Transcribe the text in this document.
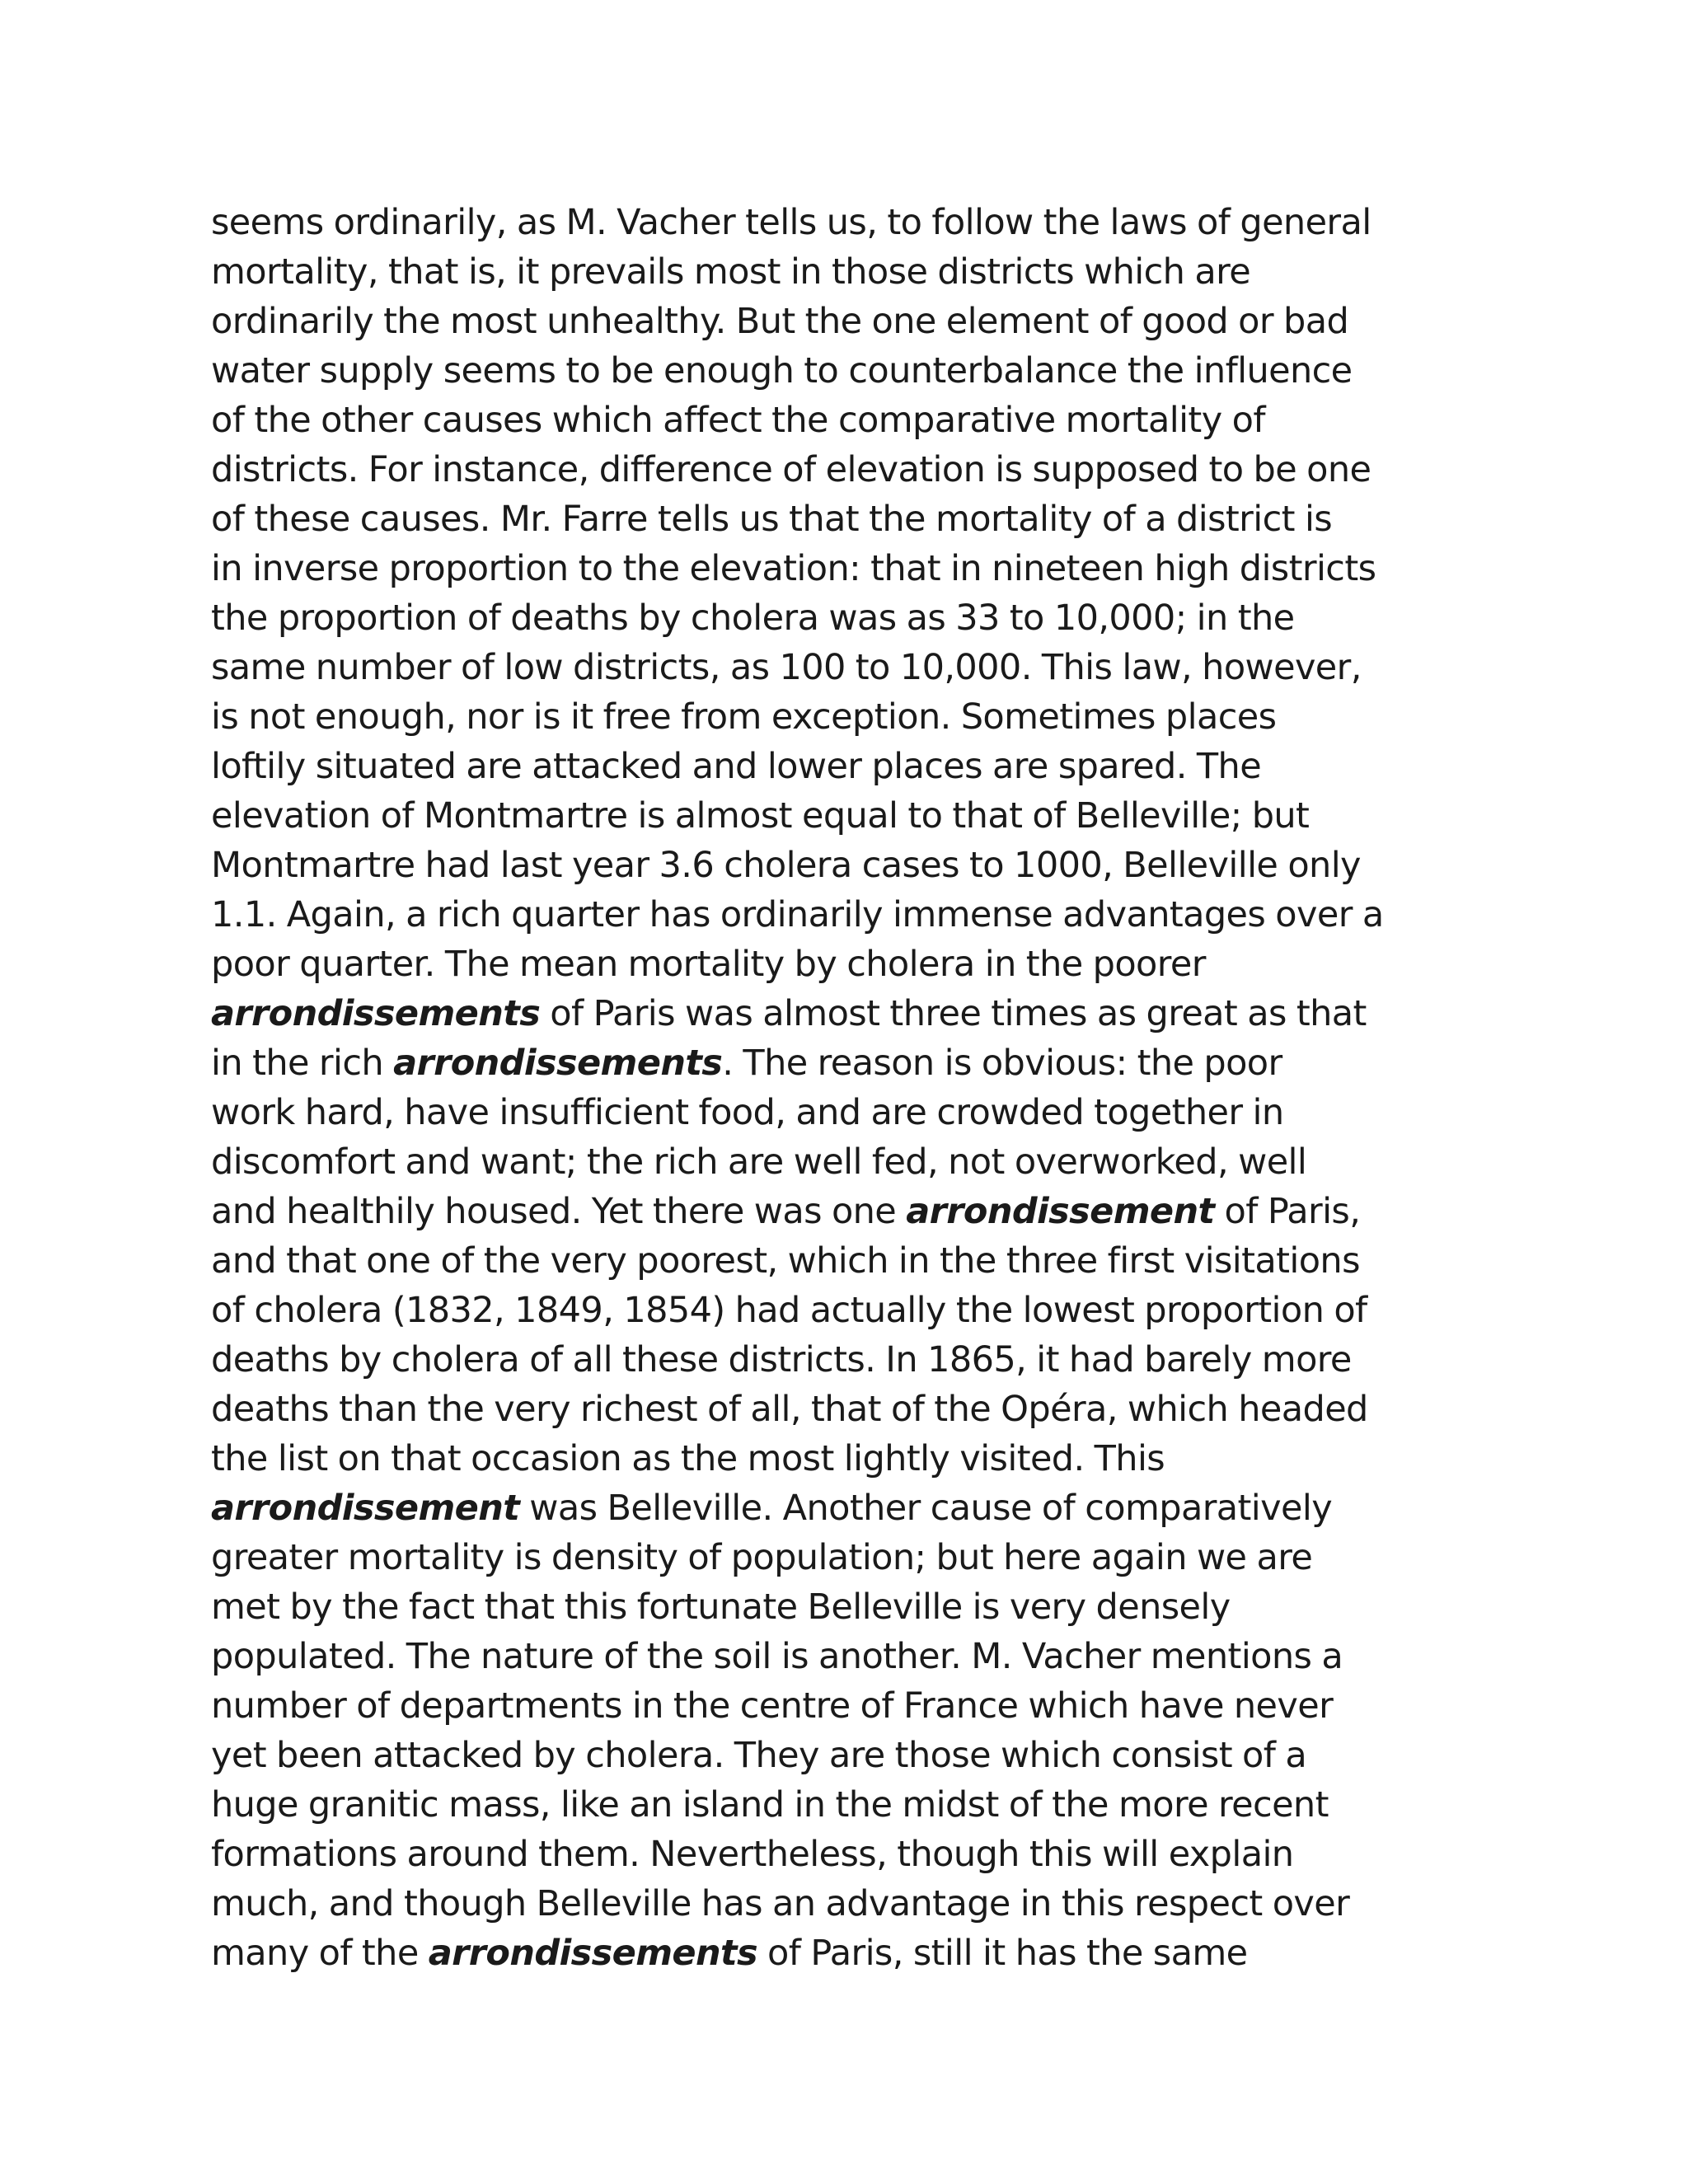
seems ordinarily, as M. Vacher tells us, to follow the laws of general
mortality, that is, it prevails most in those districts which are
ordinarily the most unhealthy. But the one element of good or bad
water supply seems to be enough to counterbalance the influence
of the other causes which affect the comparative mortality of
districts. For instance, difference of elevation is supposed to be one
of these causes. Mr. Farre tells us that the mortality of a district is
in inverse proportion to the elevation: that in nineteen high districts
the proportion of deaths by cholera was as 33 to 10,000; in the
same number of low districts, as 100 to 10,000. This law, however,
is not enough, nor is it free from exception. Sometimes places
loftily situated are attacked and lower places are spared. The
elevation of Montmartre is almost equal to that of Belleville; but
Montmartre had last year 3.6 cholera cases to 1000, Belleville only
1.1. Again, a rich quarter has ordinarily immense advantages over a
poor quarter. The mean mortality by cholera in the poorer
arrondissements of Paris was almost three times as great as that
in the rich arrondissements. The reason is obvious: the poor
work hard, have insufficient food, and are crowded together in
discomfort and want; the rich are well fed, not overworked, well
and healthily housed. Yet there was one arrondissement of Paris,
and that one of the very poorest, which in the three first visitations
of cholera (1832, 1849, 1854) had actually the lowest proportion of
deaths by cholera of all these districts. In 1865, it had barely more
deaths than the very richest of all, that of the Opéra, which headed
the list on that occasion as the most lightly visited. This
arrondissement was Belleville. Another cause of comparatively
greater mortality is density of population; but here again we are
met by the fact that this fortunate Belleville is very densely
populated. The nature of the soil is another. M. Vacher mentions a
number of departments in the centre of France which have never
yet been attacked by cholera. They are those which consist of a
huge granitic mass, like an island in the midst of the more recent
formations around them. Nevertheless, though this will explain
much, and though Belleville has an advantage in this respect over
many of the arrondissements of Paris, still it has the same
